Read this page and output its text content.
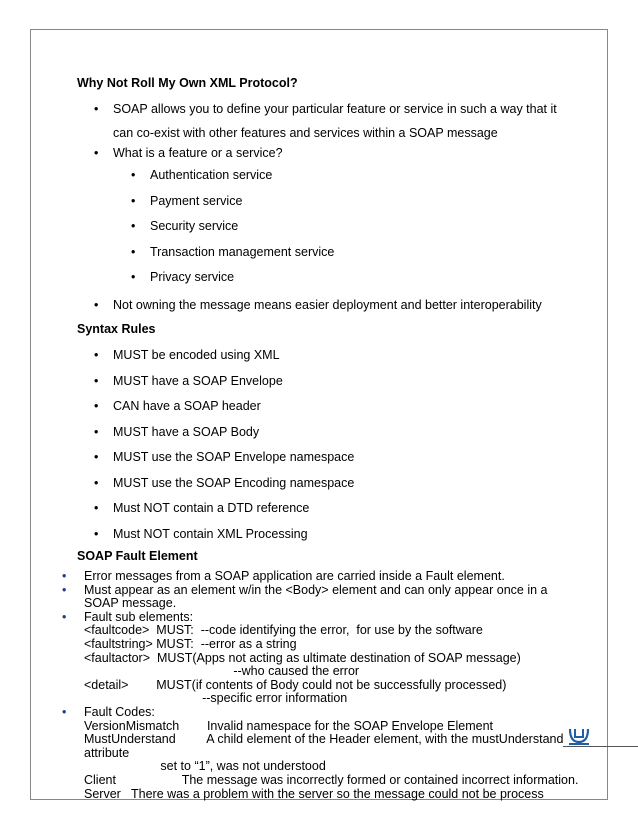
Why Not Roll My Own XML Protocol?
• SOAP allows you to define your particular feature or service in such a way that it
can co-exist with other features and services within a SOAP message
• What is a feature or a service?
• Authentication service
• Payment service
• Security service
• Transaction management service
• Privacy service
• Not owning the message means easier deployment and better interoperability
Syntax Rules
• MUST be encoded using XML
• MUST have a SOAP Envelope
• CAN have a SOAP header
• MUST have a SOAP Body
• MUST use the SOAP Envelope namespace
• MUST use the SOAP Encoding namespace
• Must NOT contain a DTD reference
• Must NOT contain XML Processing
SOAP Fault Element
•
•
•
•
Error messages from a SOAP application are carried inside a Fault element.
Must appear as an element w/in the <Body> element and can only appear once in a
SOAP message.
Fault sub elements:
<faultcode>  MUST:  --code identifying the error,  for use by the software
<faultstring> MUST:  --error as a string
<faultactor>  MUST(Apps not acting as ultimate destination of SOAP message)
--who caused the error
<detail>        MUST(if contents of Body could not be successfully processed)
--specific error information
Fault Codes:
VersionMismatch        Invalid namespace for the SOAP Envelope Element
MustUnderstand         A child element of the Header element, with the mustUnderstand
attribute
set to “1”, was not understood
Client                   The message was incorrectly formed or contained incorrect information.
Server   There was a problem with the server so the message could not be process
